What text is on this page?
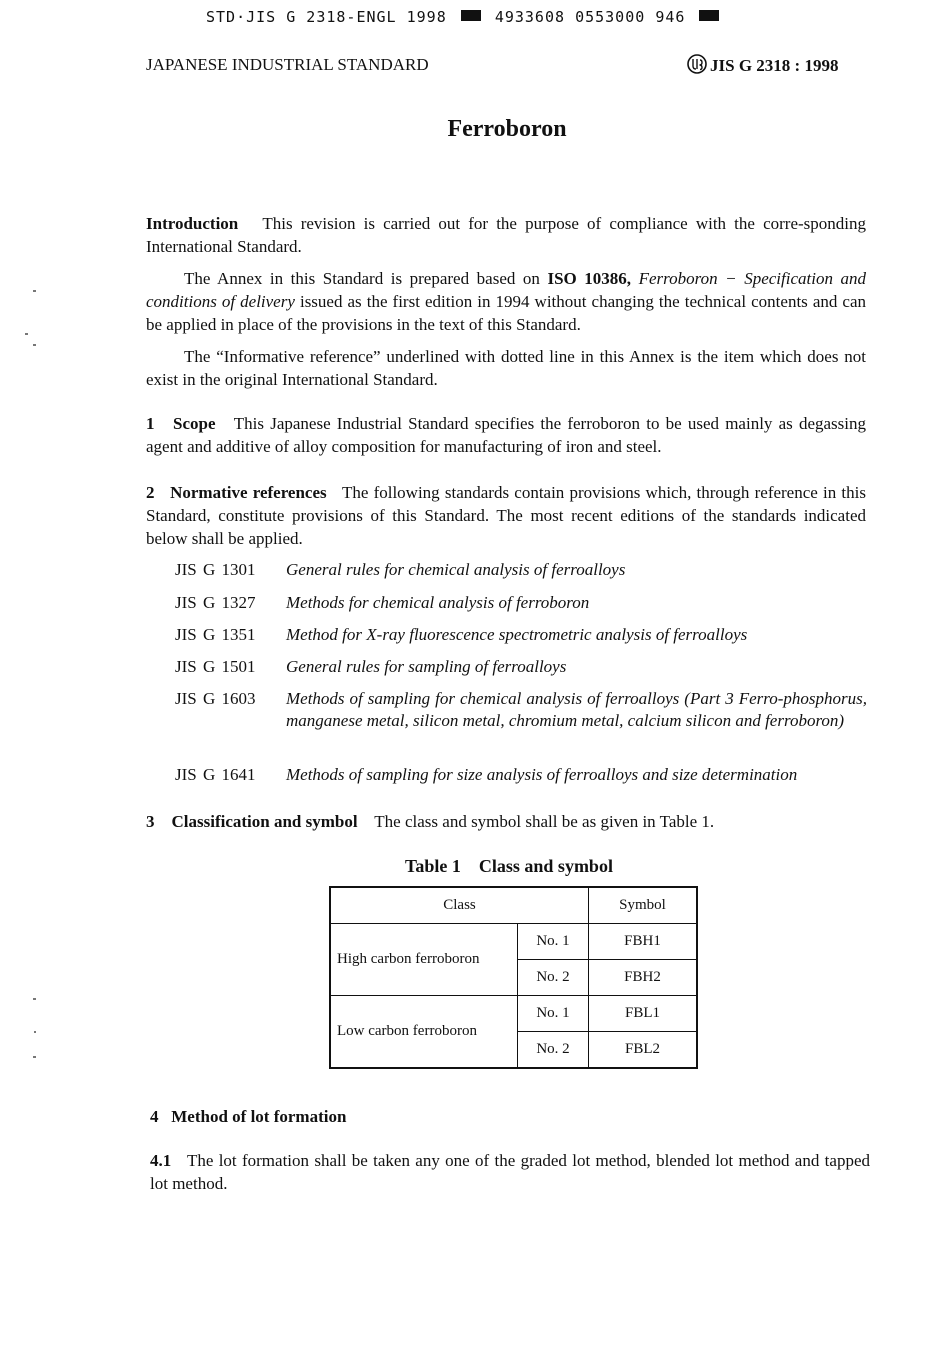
STD·JIS G 2318-ENGL 1998	4933608 0553000 946
JAPANESE INDUSTRIAL STANDARD	JIS G 2318 : 1998
Ferroboron
Introduction This revision is carried out for the purpose of compliance with the corre-sponding International Standard.
The Annex in this Standard is prepared based on ISO 10386, Ferroboron − Specification and conditions of delivery issued as the first edition in 1994 without changing the technical contents and can be applied in place of the provisions in the text of this Standard.
The “Informative reference” underlined with dotted line in this Annex is the item which does not exist in the original International Standard.
1 Scope This Japanese Industrial Standard specifies the ferroboron to be used mainly as degassing agent and additive of alloy composition for manufacturing of iron and steel.
2 Normative references The following standards contain provisions which, through reference in this Standard, constitute provisions of this Standard. The most recent editions of the standards indicated below shall be applied.
JIS G 1301	General rules for chemical analysis of ferroalloys
JIS G 1327	Methods for chemical analysis of ferroboron
JIS G 1351	Method for X-ray fluorescence spectrometric analysis of ferroalloys
JIS G 1501	General rules for sampling of ferroalloys
JIS G 1603	Methods of sampling for chemical analysis of ferroalloys (Part 3 Ferro-phosphorus, manganese metal, silicon metal, chromium metal, calcium silicon and ferroboron)
JIS G 1641	Methods of sampling for size analysis of ferroalloys and size determination
3 Classification and symbol The class and symbol shall be as given in Table 1.
Table 1    Class and symbol
Class		Symbol
High carbon ferroboron	No. 1	FBH1
	No. 2	FBH2
Low carbon ferroboron	No. 1	FBL1
	No. 2	FBL2
4 Method of lot formation
4.1 The lot formation shall be taken any one of the graded lot method, blended lot method and tapped lot method.
